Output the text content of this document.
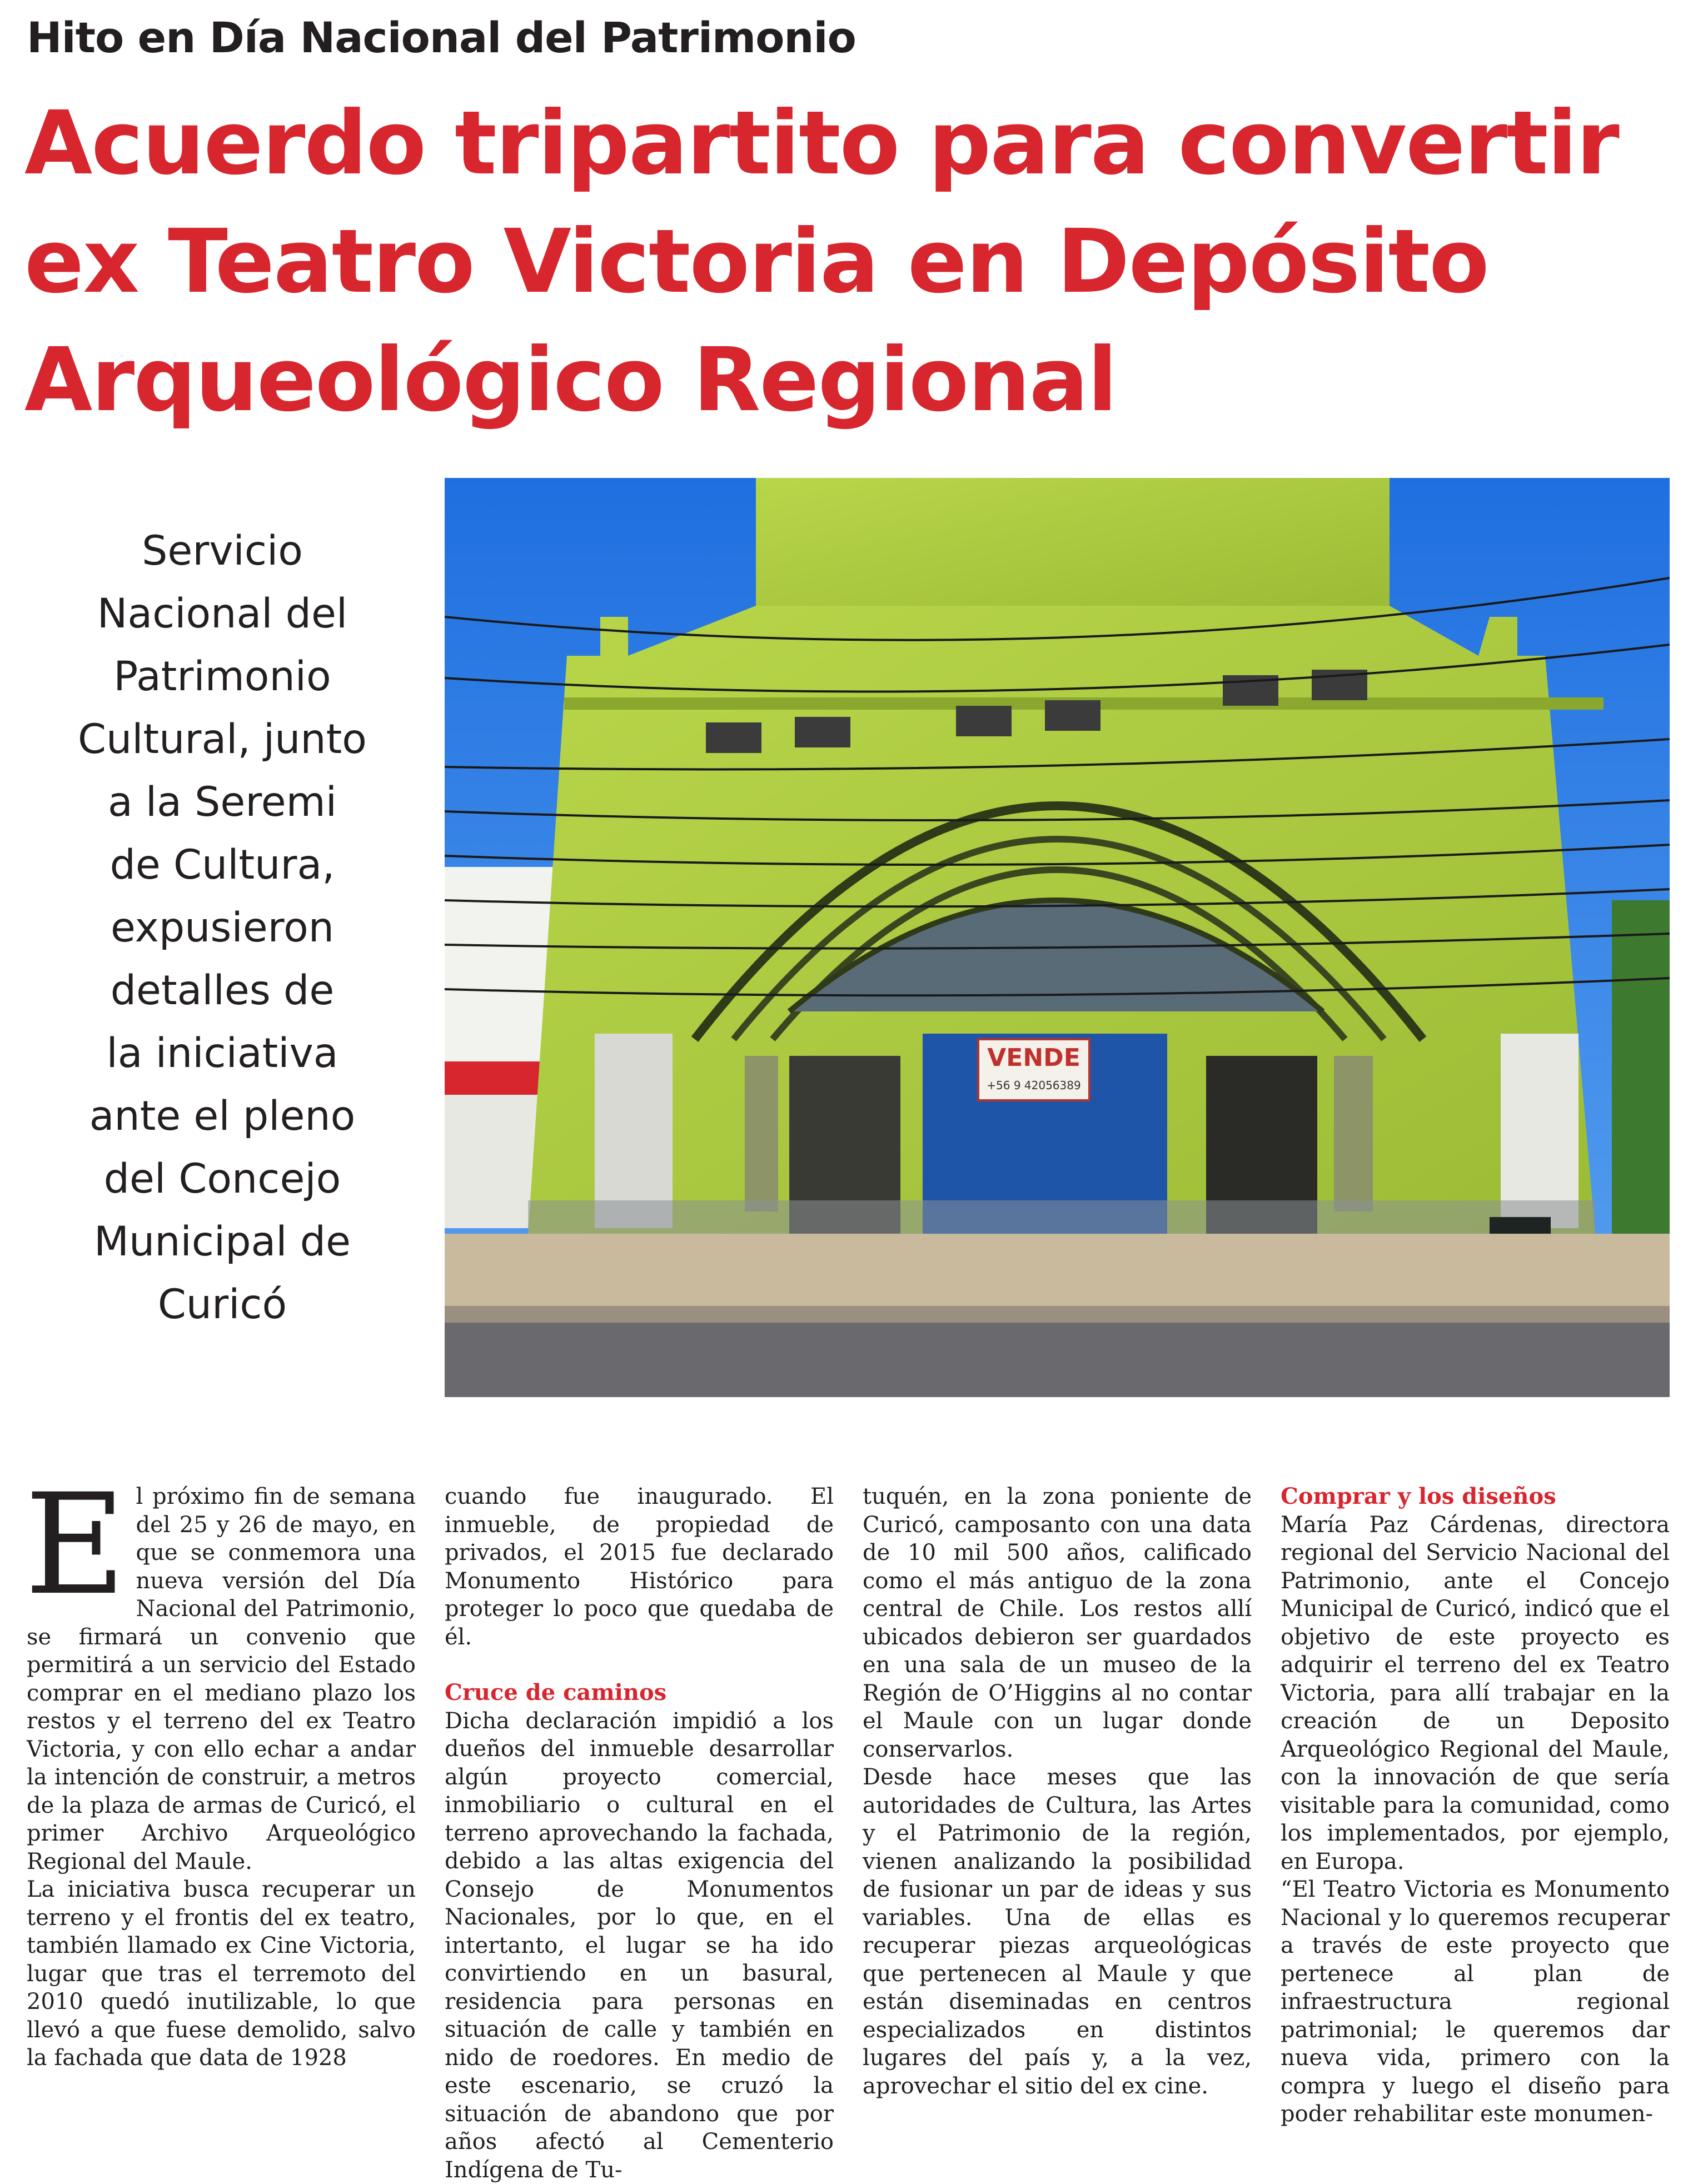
Hito en Día Nacional del Patrimonio
Acuerdo tripartito para convertir
ex Teatro Victoria en Depósito
Arqueológico Regional
Servicio
Nacional del
Patrimonio
Cultural, junto
a la Seremi
de Cultura,
expusieron
detalles de
la iniciativa
ante el pleno
del Concejo
Municipal de
Curicó
VENDE
+56 9 42056389
E l próximo fin de semana del 25 y 26 de mayo, en que se conmemora una nueva versión del Día Nacional del Patrimonio, se firmará un convenio que permitirá a un servicio del Estado comprar en el mediano plazo los restos y el terreno del ex Teatro Victoria, y con ello echar a andar la intención de construir, a metros de la plaza de armas de Curicó, el primer Archivo Arqueológico Regional del Maule.

La iniciativa busca recuperar un terreno y el frontis del ex teatro, también llamado ex Cine Victoria, lugar que tras el terremoto del 2010 quedó inutilizable, lo que llevó a que fuese demolido, salvo la fachada que data de 1928

cuando fue inaugurado. El inmueble, de propiedad de privados, el 2015 fue declarado Monumento Histórico para proteger lo poco que quedaba de él.

Cruce de caminos

Dicha declaración impidió a los dueños del inmueble desarrollar algún proyecto comercial, inmobiliario o cultural en el terreno aprovechando la fachada, debido a las altas exigencia del Consejo de Monumentos Nacionales, por lo que, en el intertanto, el lugar se ha ido convirtiendo en un basural, residencia para personas en situación de calle y también en nido de roedores. En medio de este escenario, se cruzó la situación de abandono que por años afectó al Cementerio Indígena de Tu-

tuquén, en la zona poniente de Curicó, camposanto con una data de 10 mil 500 años, calificado como el más antiguo de la zona central de Chile. Los restos allí ubicados debieron ser guardados en una sala de un museo de la Región de O’Higgins al no contar el Maule con un lugar donde conservarlos.

Desde hace meses que las autoridades de Cultura, las Artes y el Patrimonio de la región, vienen analizando la posibilidad de fusionar un par de ideas y sus variables. Una de ellas es recuperar piezas arqueológicas que pertenecen al Maule y que están diseminadas en centros especializados en distintos lugares del país y, a la vez, aprovechar el sitio del ex cine.

Comprar y los diseños

María Paz Cárdenas, directora regional del Servicio Nacional del Patrimonio, ante el Concejo Municipal de Curicó, indicó que el objetivo de este proyecto es adquirir el terreno del ex Teatro Victoria, para allí trabajar en la creación de un Deposito Arqueológico Regional del Maule, con la innovación de que sería visitable para la comunidad, como los implementados, por ejemplo, en Europa.

“El Teatro Victoria es Monumento Nacional y lo queremos recuperar a través de este proyecto que pertenece al plan de infraestructura regional patrimonial; le queremos dar nueva vida, primero con la compra y luego el diseño para poder rehabilitar este monumen-
